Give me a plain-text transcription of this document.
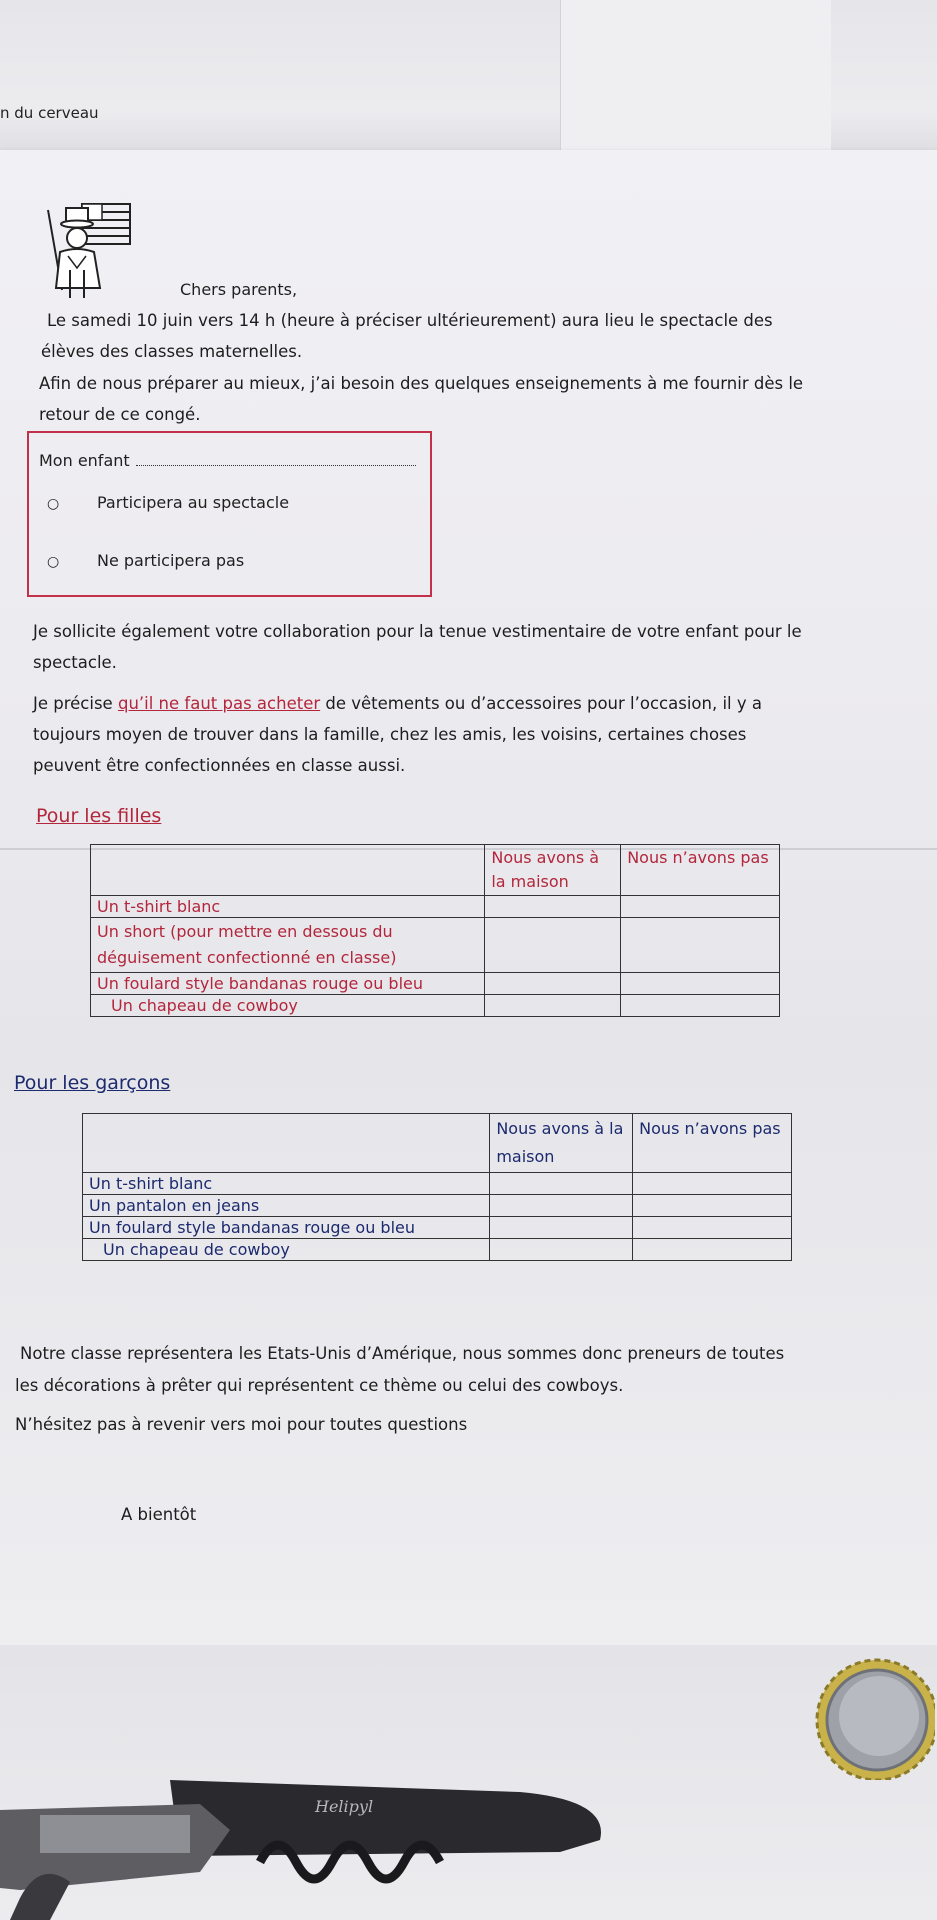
n du cerveau
Chers parents,
Le samedi 10 juin vers 14 h (heure à préciser ultérieurement) aura lieu le spectacle des
élèves des classes maternelles.
Afin de nous préparer au mieux, j’ai besoin des quelques enseignements à me fournir dès le
retour de ce congé.
Mon enfant
○ Participera au spectacle
○ Ne participera pas
Je sollicite également votre collaboration pour la tenue vestimentaire de votre enfant pour le
spectacle.
Je précise qu’il ne faut pas acheter de vêtements ou d’accessoires pour l’occasion, il y a
toujours moyen de trouver dans la famille, chez les amis, les voisins, certaines choses
peuvent être confectionnées en classe aussi.
Pour les filles
	Nous avons à la maison	Nous n’avons pas
Un t-shirt blanc		
Un short (pour mettre en dessous du déguisement confectionné en classe)		
Un foulard style bandanas rouge ou bleu		
Un chapeau de cowboy		
Pour les garçons
	Nous avons à la maison	Nous n’avons pas
Un t-shirt blanc		
Un pantalon en jeans		
Un foulard style bandanas rouge ou bleu		
Un chapeau de cowboy		
Notre classe représentera les Etats-Unis d’Amérique, nous sommes donc preneurs de toutes
les décorations à prêter qui représentent ce thème ou celui des cowboys.
N’hésitez pas à revenir vers moi pour toutes questions
A bientôt
Helipyl
